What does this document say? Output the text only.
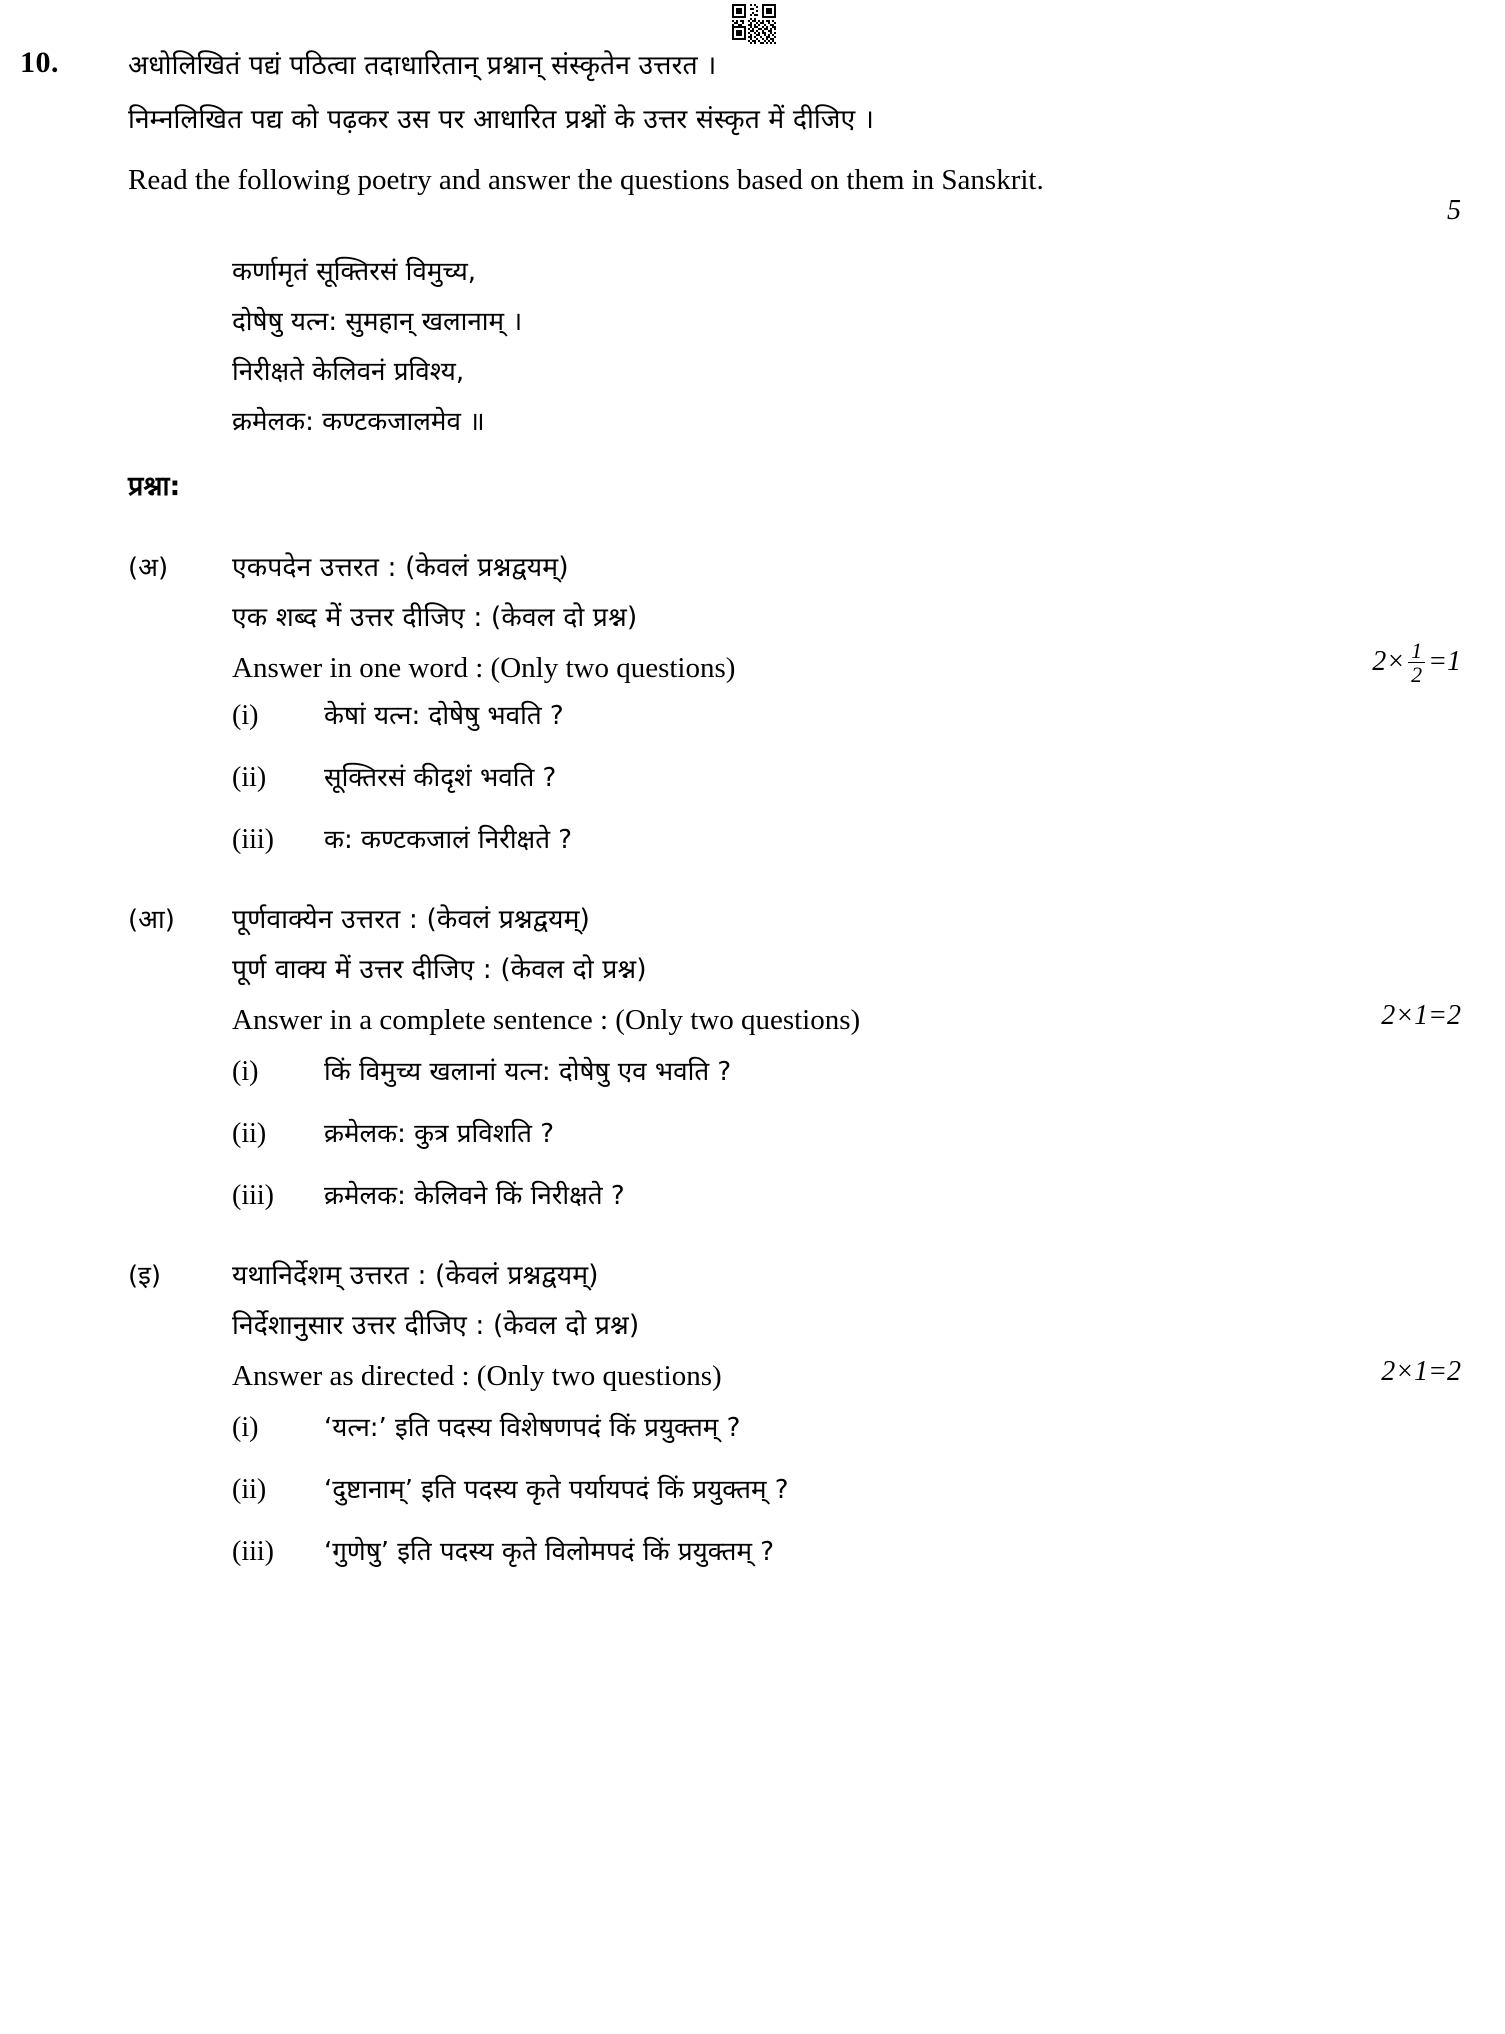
10.	अधोलिखितं पद्यं पठित्वा तदाधारितान् प्रश्नान् संस्कृतेन उत्तरत ।
निम्नलिखित पद्य को पढ़कर उस पर आधारित प्रश्नों के उत्तर संस्कृत में दीजिए ।
Read the following poetry and answer the questions based on them in Sanskrit.
5
कर्णामृतं सूक्तिरसं विमुच्य,
दोषेषु यत्न: सुमहान् खलानाम् ।
निरीक्षते केलिवनं प्रविश्य,
क्रमेलक: कण्टकजालमेव ॥
प्रश्ना:
(अ) एकपदेन उत्तरत : (केवलं प्रश्नद्वयम्)
एक शब्द में उत्तर दीजिए : (केवल दो प्रश्न)
Answer in one word : (Only two questions)	$2\times \frac{1}{2} =1$
(i)	केषां यत्न: दोषेषु भवति ?
(ii)	सूक्तिरसं कीदृशं भवति ?
(iii)	क: कण्टकजालं निरीक्षते ?
(आ) पूर्णवाक्येन उत्तरत : (केवलं प्रश्नद्वयम्)
पूर्ण वाक्य में उत्तर दीजिए : (केवल दो प्रश्न)
Answer in a complete sentence : (Only two questions)	2×1=2
(i)	किं विमुच्य खलानां यत्न: दोषेषु एव भवति ?
(ii)	क्रमेलक: कुत्र प्रविशति ?
(iii)	क्रमेलक: केलिवने किं निरीक्षते ?
(इ)	यथानिर्देशम् उत्तरत : (केवलं प्रश्नद्वयम्)
निर्देशानुसार उत्तर दीजिए : (केवल दो प्रश्न)
Answer as directed : (Only two questions)	2×1=2
(i)	‘यत्न:’ इति पदस्य विशेषणपदं किं प्रयुक्तम् ?
(ii)	‘दुष्टानाम्’ इति पदस्य कृते पर्यायपदं किं प्रयुक्तम् ?
(iii)	‘गुणेषु’ इति पदस्य कृते विलोमपदं किं प्रयुक्तम् ?
